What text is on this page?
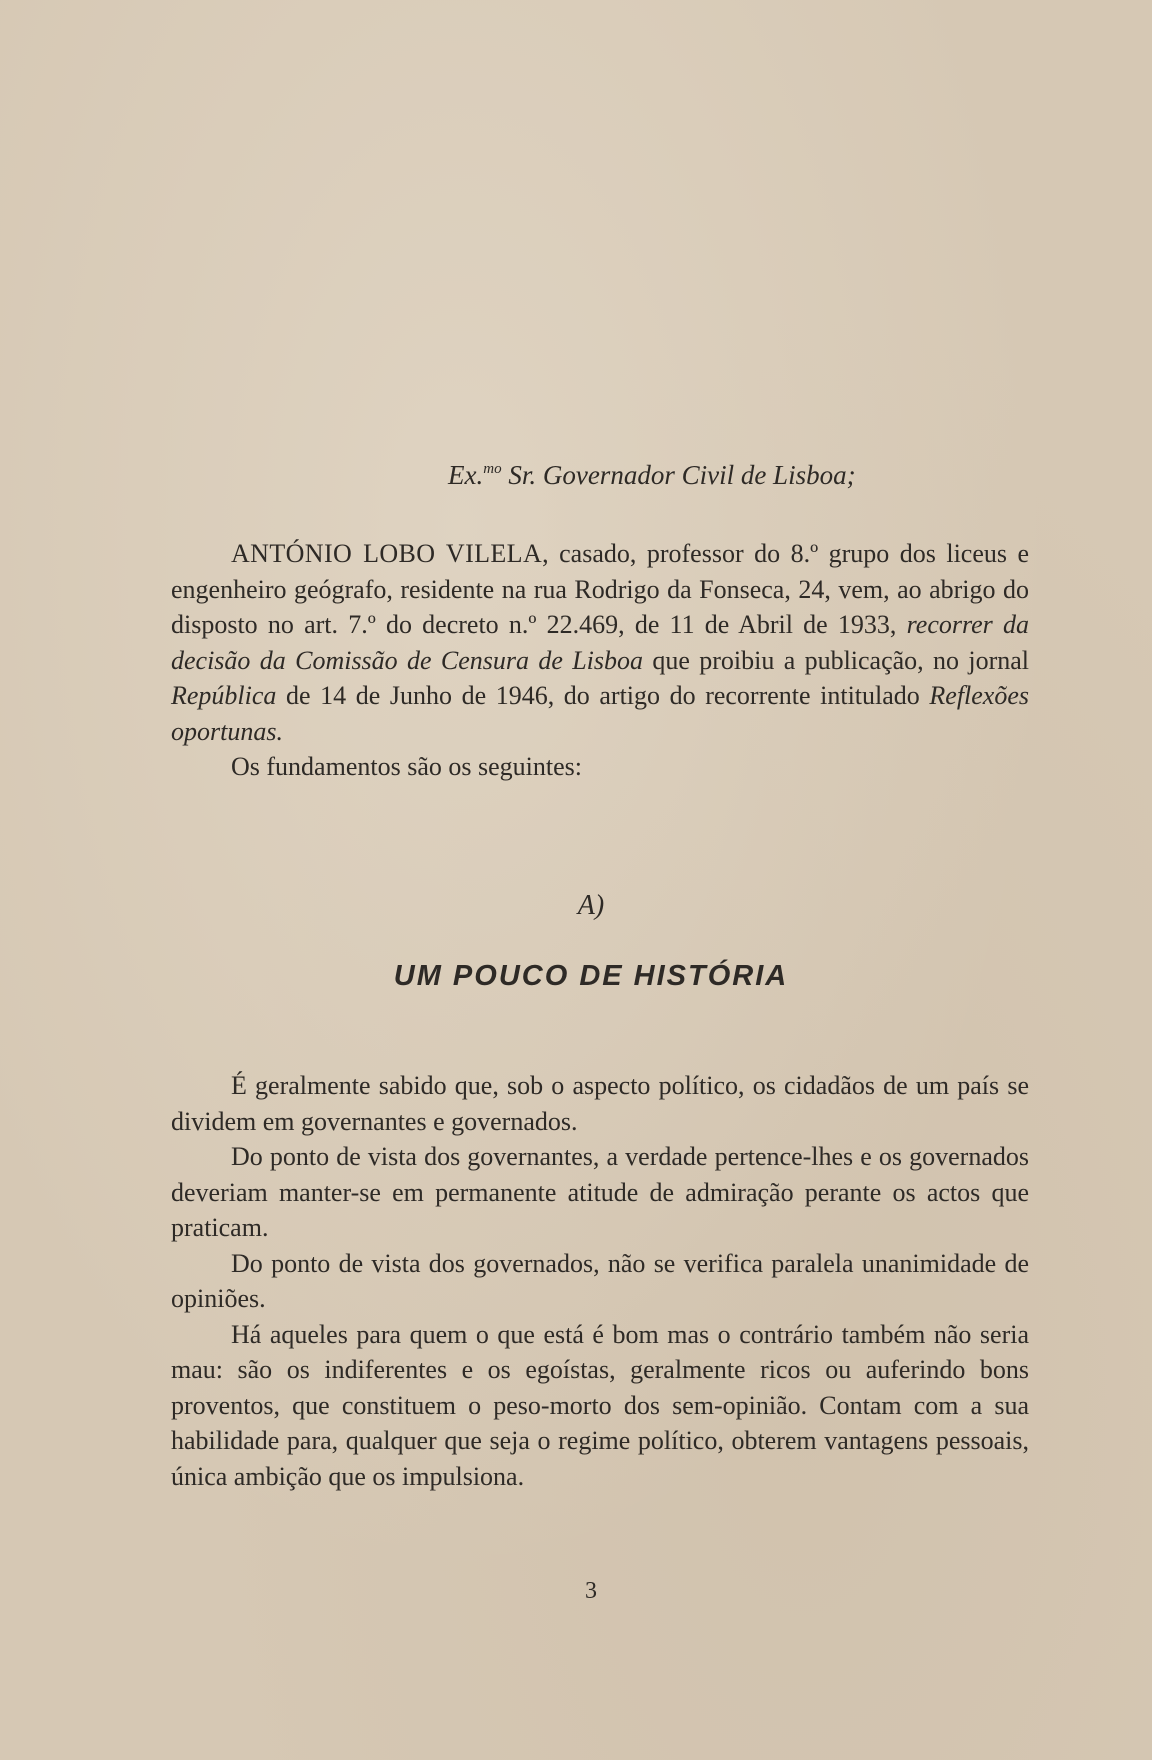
Ex.$^{mo}$ Sr. Governador Civil de Lisboa;

ANTÓNIO LOBO VILELA, casado, professor do 8.º grupo dos liceus e engenheiro geógrafo, residente na rua Rodrigo da Fonseca, 24, vem, ao abrigo do disposto no art. 7.º do decreto n.º 22.469, de 11 de Abril de 1933, recorrer da decisão da Comissão de Censura de Lisboa que proibiu a publicação, no jornal República de 14 de Junho de 1946, do artigo do recorrente intitulado Reflexões oportunas.

Os fundamentos são os seguintes:

A)
UM POUCO DE HISTÓRIA

É geralmente sabido que, sob o aspecto político, os cidadãos de um país se dividem em governantes e governados.

Do ponto de vista dos governantes, a verdade pertence-lhes e os governados deveriam manter-se em permanente atitude de admiração perante os actos que praticam.

Do ponto de vista dos governados, não se verifica paralela unanimidade de opiniões.

Há aqueles para quem o que está é bom mas o contrário também não seria mau: são os indiferentes e os egoístas, geralmente ricos ou auferindo bons proventos, que constituem o peso-morto dos sem-opinião. Contam com a sua habilidade para, qualquer que seja o regime político, obterem vantagens pessoais, única ambição que os impulsiona.

3
